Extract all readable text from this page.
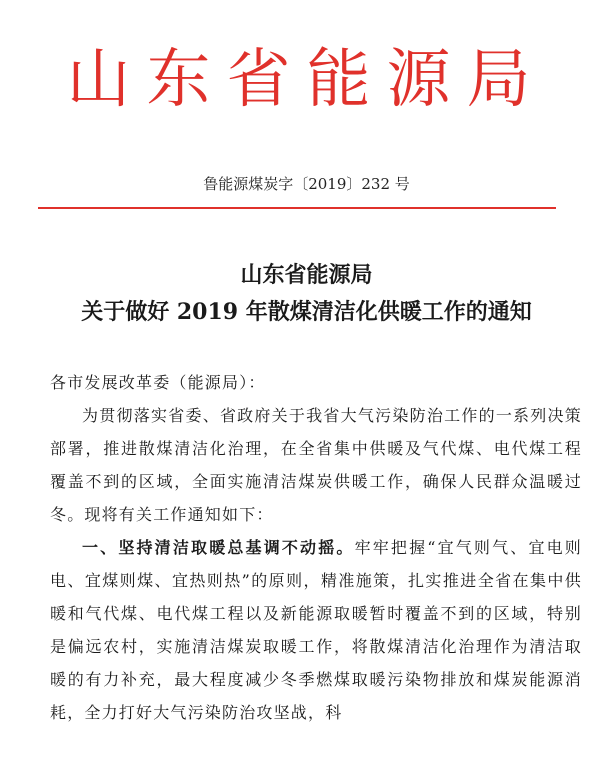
山东省能源局
鲁能源煤炭字〔2019〕232 号
山东省能源局
关于做好 2019 年散煤清洁化供暖工作的通知

各市发展改革委（能源局）：

为贯彻落实省委、省政府关于我省大气污染防治工作的一系列决策部署，推进散煤清洁化治理，在全省集中供暖及气代煤、电代煤工程覆盖不到的区域，全面实施清洁煤炭供暖工作，确保人民群众温暖过冬。现将有关工作通知如下：

一、坚持清洁取暖总基调不动摇。牢牢把握“宜气则气、宜电则电、宜煤则煤、宜热则热”的原则，精准施策，扎实推进全省在集中供暖和气代煤、电代煤工程以及新能源取暖暂时覆盖不到的区域，特别是偏远农村，实施清洁煤炭取暖工作，将散煤清洁化治理作为清洁取暖的有力补充，最大程度减少冬季燃煤取暖污染物排放和煤炭能源消耗，全力打好大气污染防治攻坚战，科
